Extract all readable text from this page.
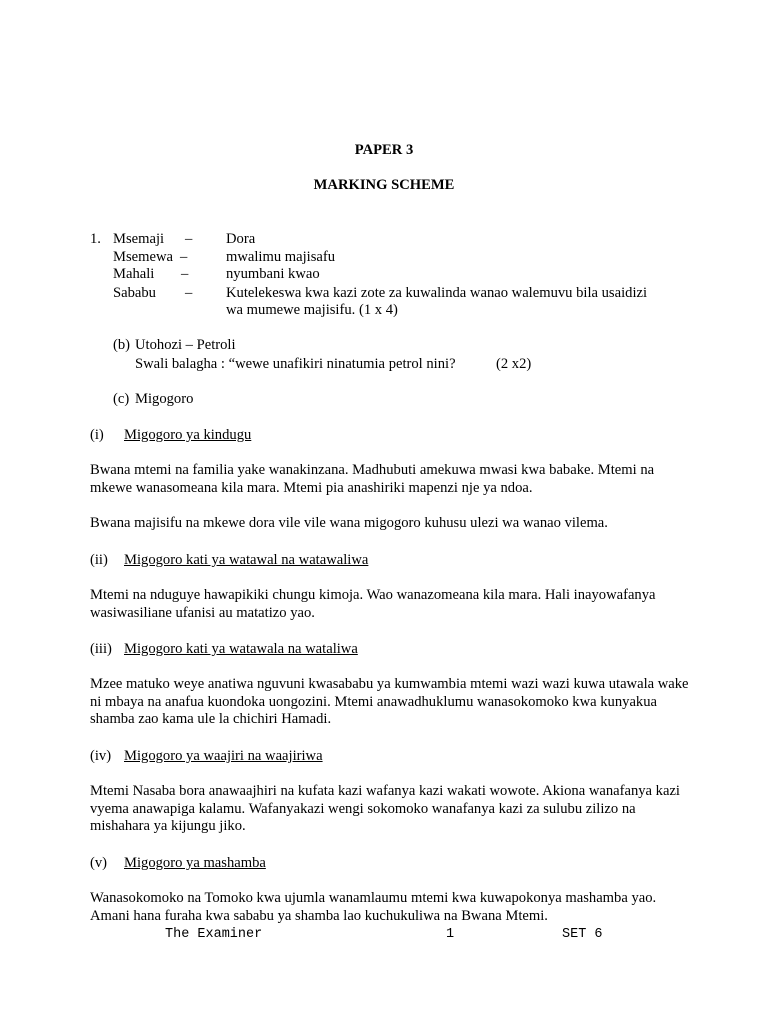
PAPER 3
MARKING SCHEME
1. Msemaji – Dora
Msemewa –	mwalimu majisafu
Mahali –	nyumbani kwao
Sababu – Kutelekeswa kwa kazi zote za kuwalinda wanao walemuvu bila usaidizi
wa mumewe majisifu. (1 x 4)
(b) Utohozi – Petroli
Swali balagha : “wewe unafikiri ninatumia petrol nini?	(2 x2)
(c) Migogoro
(i) Migogoro ya kindugu
Bwana mtemi na familia yake wanakinzana. Madhubuti amekuwa mwasi kwa babake. Mtemi na mkewe wanasomeana kila mara. Mtemi pia anashiriki mapenzi nje ya ndoa.
Bwana majisifu na mkewe dora vile vile wana migogoro kuhusu ulezi wa wanao vilema.
(ii) Migogoro kati ya watawal na watawaliwa
Mtemi na nduguye hawapikiki chungu kimoja. Wao wanazomeana kila mara. Hali inayowafanya wasiwasiliane ufanisi au matatizo yao.
(iii) Migogoro kati ya watawala na wataliwa
Mzee matuko weye anatiwa nguvuni kwasababu ya kumwambia mtemi wazi wazi kuwa utawala wake ni mbaya na anafua kuondoka uongozini. Mtemi anawadhuklumu wanasokomoko kwa kunyakua shamba zao kama ule la chichiri Hamadi.
(iv) Migogoro ya waajiri na waajiriwa
Mtemi Nasaba bora anawaajhiri na kufata kazi wafanya kazi wakati wowote. Akiona wanafanya kazi vyema anawapiga kalamu. Wafanyakazi wengi sokomoko wanafanya kazi za sulubu zilizo na mishahara ya kijungu jiko.
(v) Migogoro ya mashamba
Wanasokomoko na Tomoko kwa ujumla wanamlaumu mtemi kwa kuwapokonya mashamba yao. Amani hana furaha kwa sababu ya shamba lao kuchukuliwa na Bwana Mtemi.
The Examiner	1	SET 6
